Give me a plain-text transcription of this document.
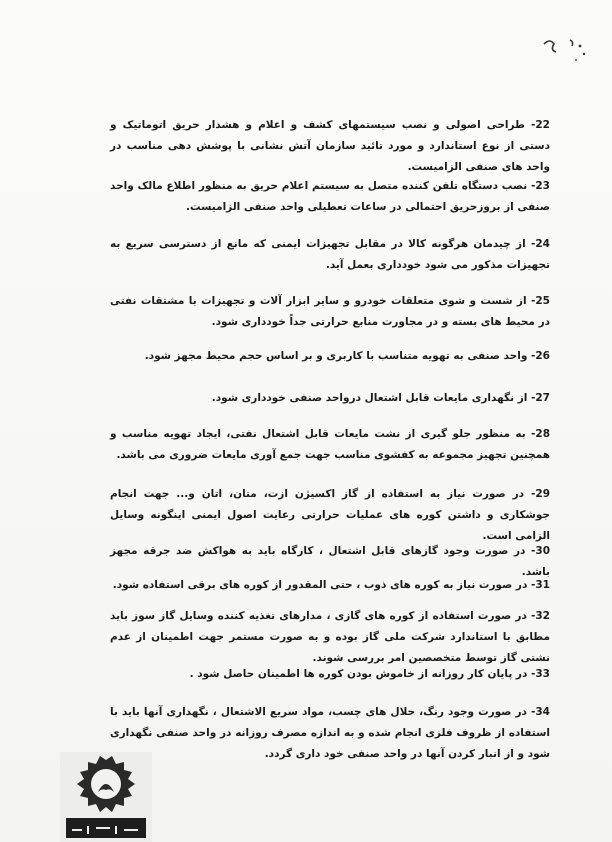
22- طراحی اصولی و نصب سیستمهای کشف و اعلام و هشدار حریق اتوماتیک و دستی از نوع استاندارد و مورد تائید سازمان آتش نشانی با پوشش دهی مناسب در واحد های صنفی الزامیست.
23- نصب دستگاه تلفن کننده متصل به سیستم اعلام حریق به منظور اطلاع مالک واحد صنفی از بروزحریق احتمالی در ساعات تعطیلی واحد صنفی الزامیست.
24- از چیدمان هرگونه کالا در مقابل تجهیزات ایمنی که مانع از دسترسی سریع به تجهیزات مذکور می شود خودداری بعمل آید.
25- از شست و شوی متعلقات خودرو و سایر ابزار آلات و تجهیزات با مشتقات نفتی در محیط های بسته و در مجاورت منابع حرارتی جداً خودداری شود.
26- واحد صنفی به تهویه متناسب با کاربری و بر اساس حجم محیط مجهز شود.
27- از نگهداری مایعات قابل اشتعال درواحد صنفی خودداری شود.
28- به منظور جلو گیری از نشت مایعات قابل اشتعال نفتی، ایجاد تهویه مناسب و همچنین تجهیز مجموعه به کفشوی مناسب جهت جمع آوری مایعات ضروری می باشد.
29- در صورت نیاز به استفاده از گاز اکسیژن ازت، متان، اتان و... جهت انجام جوشکاری و داشتن کوره های عملیات حرارتی رعایت اصول ایمنی اینگونه وسایل الزامی است.
30- در صورت وجود گازهای قابل اشتعال ، کارگاه باید به هواکش ضد جرقه مجهز باشد.
31- در صورت نیاز به کوره های ذوب ، حتی المقدور از کوره های برقی استفاده شود.
32- در صورت استفاده از کوره های گازی ، مدارهای تغذیه کننده وسایل گاز سوز باید مطابق با استاندارد شرکت ملی گاز بوده و به صورت مستمر جهت اطمینان از عدم نشتی گاز توسط متخصصین امر بررسی شوند.
33- در پایان کار روزانه از خاموش بودن کوره ها اطمینان حاصل شود .
34- در صورت وجود رنگ، حلال های چسب، مواد سریع الاشتعال ، نگهداری آنها باید با استفاده از ظروف فلزی انجام شده و به اندازه مصرف روزانه در واحد صنفی نگهداری شود و از انبار کردن آنها در واحد صنفی خود داری گردد.
